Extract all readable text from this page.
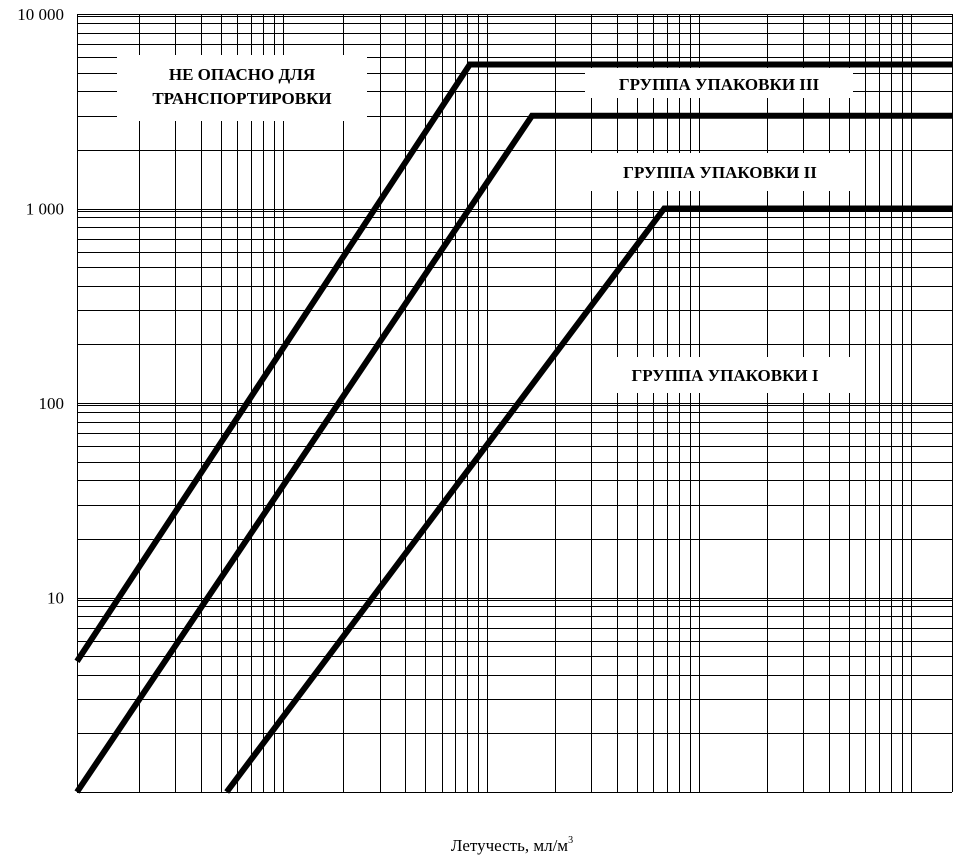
НЕ ОПАСНО ДЛЯ
ТРАНСПОРТИРОВКИ
ГРУППА УПАКОВКИ III
ГРУППА УПАКОВКИ II
ГРУППА УПАКОВКИ I
10 000
1 000
100
10
Летучесть, $мл/м^3$
